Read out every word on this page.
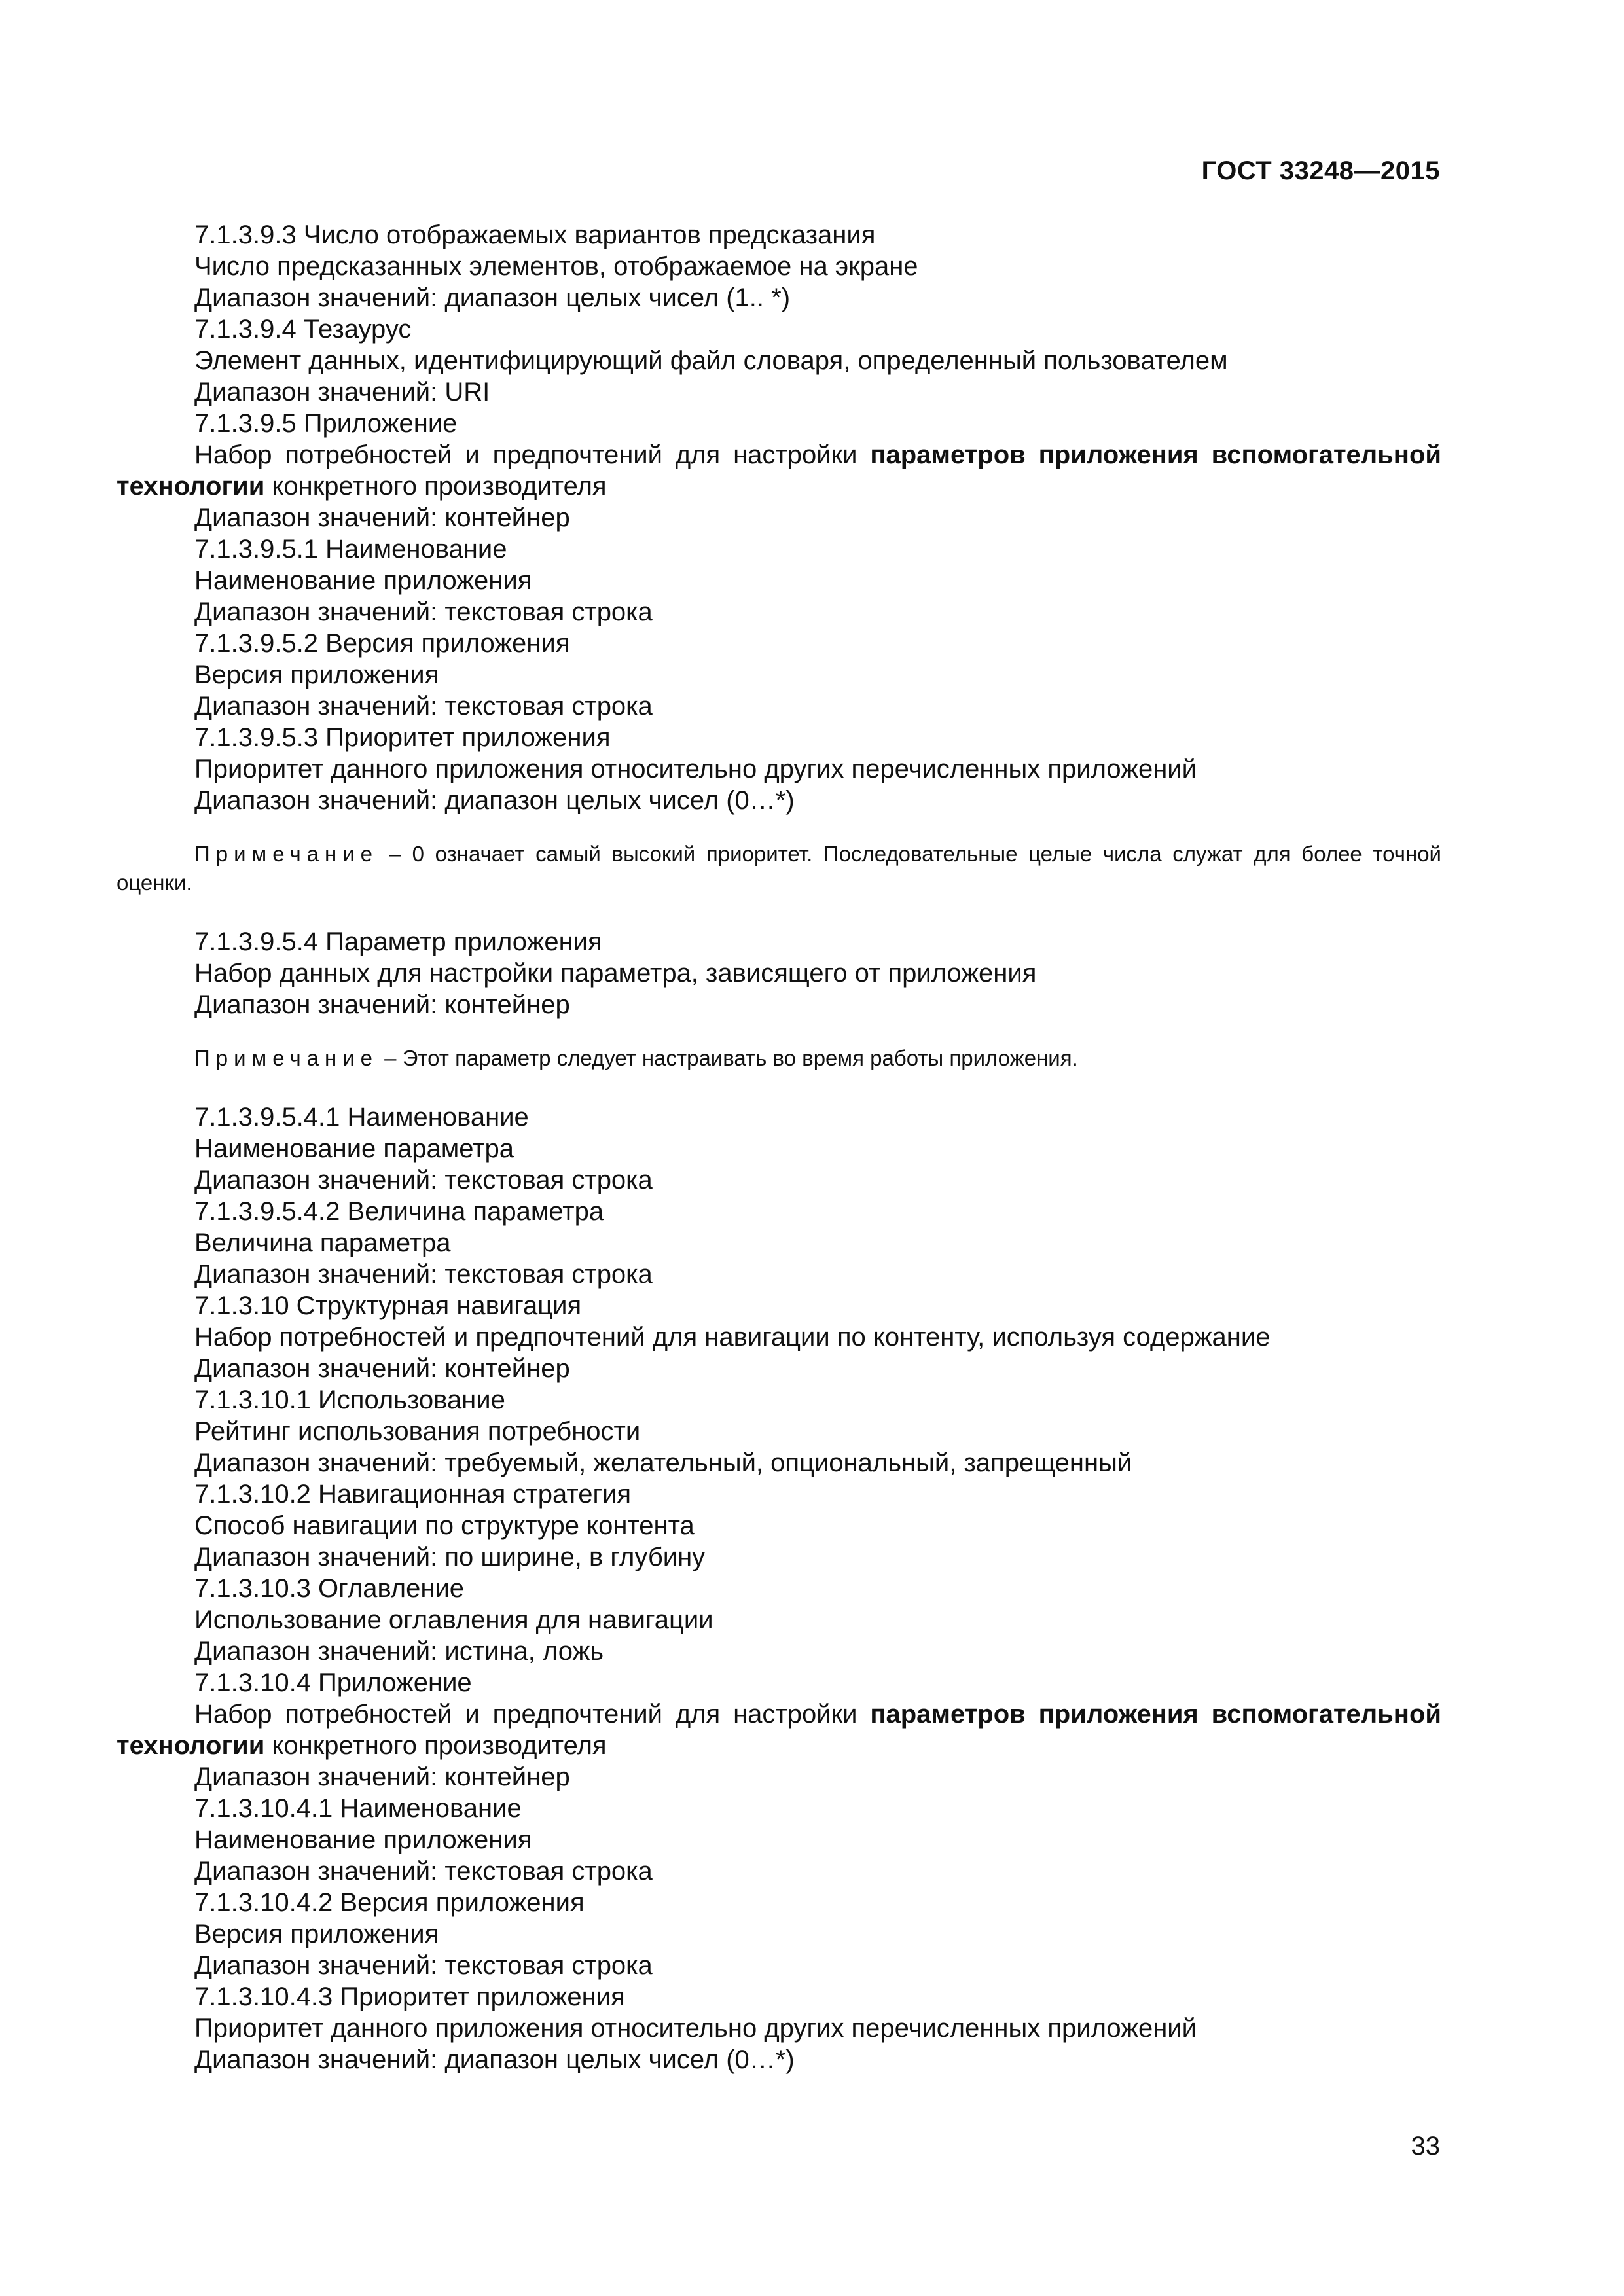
ГОСТ 33248—2015
7.1.3.9.3 Число отображаемых вариантов предсказания
Число предсказанных элементов, отображаемое на экране
Диапазон значений: диапазон целых чисел (1.. *)
7.1.3.9.4 Тезаурус
Элемент данных, идентифицирующий файл словаря, определенный пользователем
Диапазон значений: URI
7.1.3.9.5 Приложение
Набор потребностей и предпочтений для настройки параметров приложения вспомогательной технологии конкретного производителя
Диапазон значений: контейнер
7.1.3.9.5.1 Наименование
Наименование приложения
Диапазон значений: текстовая строка
7.1.3.9.5.2 Версия приложения
Версия приложения
Диапазон значений: текстовая строка
7.1.3.9.5.3 Приоритет приложения
Приоритет данного приложения относительно других перечисленных приложений
Диапазон значений: диапазон целых чисел (0…*)
Примечание – 0 означает самый высокий приоритет. Последовательные целые числа служат для более точной оценки.
7.1.3.9.5.4 Параметр приложения
Набор данных для настройки параметра, зависящего от приложения
Диапазон значений: контейнер
Примечание – Этот параметр следует настраивать во время работы приложения.
7.1.3.9.5.4.1 Наименование
Наименование параметра
Диапазон значений: текстовая строка
7.1.3.9.5.4.2 Величина параметра
Величина параметра
Диапазон значений: текстовая строка
7.1.3.10 Структурная навигация
Набор потребностей и предпочтений для навигации по контенту, используя содержание
Диапазон значений: контейнер
7.1.3.10.1 Использование
Рейтинг использования потребности
Диапазон значений: требуемый, желательный, опциональный, запрещенный
7.1.3.10.2 Навигационная стратегия
Способ навигации по структуре контента
Диапазон значений: по ширине, в глубину
7.1.3.10.3 Оглавление
Использование оглавления для навигации
Диапазон значений: истина, ложь
7.1.3.10.4 Приложение
Набор потребностей и предпочтений для настройки параметров приложения вспомогательной технологии конкретного производителя
Диапазон значений: контейнер
7.1.3.10.4.1 Наименование
Наименование приложения
Диапазон значений: текстовая строка
7.1.3.10.4.2 Версия приложения
Версия приложения
Диапазон значений: текстовая строка
7.1.3.10.4.3 Приоритет приложения
Приоритет данного приложения относительно других перечисленных приложений
Диапазон значений: диапазон целых чисел (0…*)
33
